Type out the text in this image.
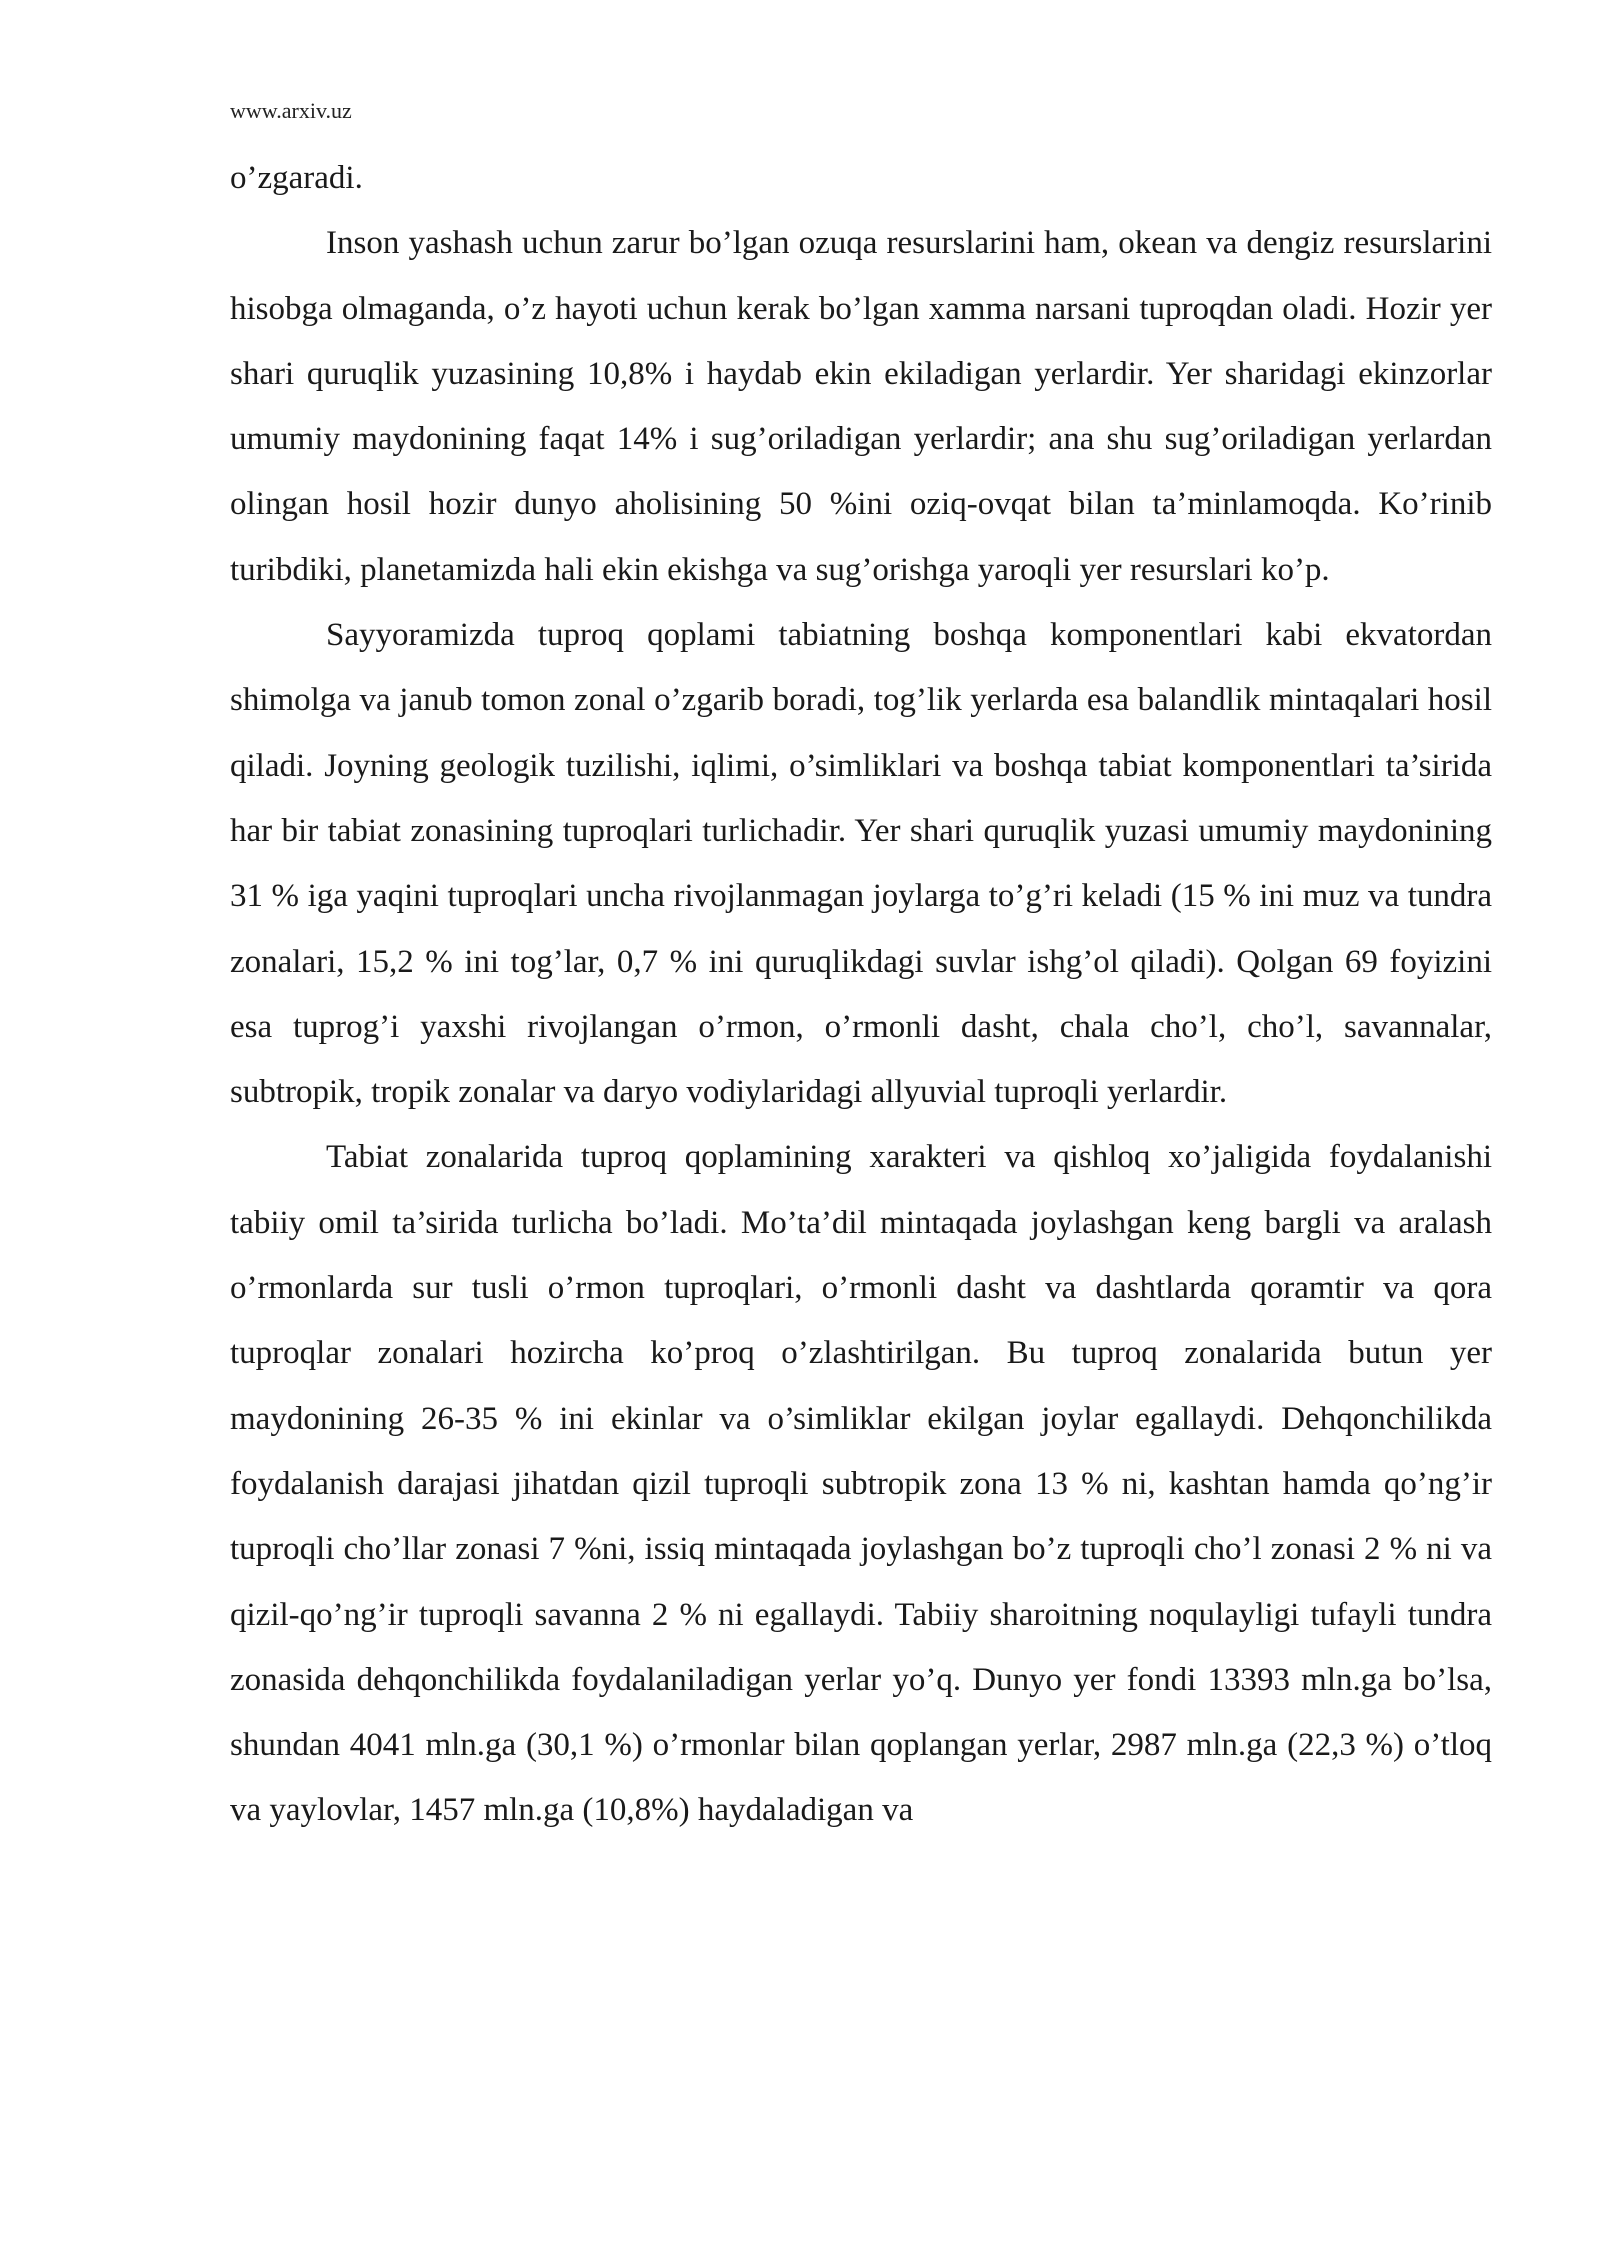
www.arxiv.uz

o’zgaradi.

Inson yashash uchun zarur bo’lgan ozuqa resurslarini ham, okean va dengiz resurslarini hisobga olmaganda, o’z hayoti uchun kerak bo’lgan xamma narsani tuproqdan oladi. Hozir yer shari quruqlik yuzasining 10,8% i haydab ekin ekiladigan yerlardir. Yer sharidagi ekinzorlar umumiy maydonining faqat 14% i sug’oriladigan yerlardir; ana shu sug’oriladigan yerlardan olingan hosil hozir dunyo aholisining 50 %ini oziq-ovqat bilan ta’minlamoqda. Ko’rinib turibdiki, planetamizda hali ekin ekishga va sug’orishga yaroqli yer resurslari ko’p.

Sayyoramizda tuproq qoplami tabiatning boshqa komponentlari kabi ekvatordan shimolga va janub tomon zonal o’zgarib boradi, tog’lik yerlarda esa balandlik mintaqalari hosil qiladi. Joyning geologik tuzilishi, iqlimi, o’simliklari va boshqa tabiat komponentlari ta’sirida har bir tabiat zonasining tuproqlari turlichadir. Yer shari quruqlik yuzasi umumiy maydonining 31 % iga yaqini tuproqlari uncha rivojlanmagan joylarga to’g’ri keladi (15 % ini muz va tundra zonalari, 15,2 % ini tog’lar, 0,7 % ini quruqlikdagi suvlar ishg’ol qiladi). Qolgan 69 foyizini esa tuprog’i yaxshi rivojlangan o’rmon, o’rmonli dasht, chala cho’l, cho’l, savannalar, subtropik, tropik zonalar va daryo vodiylaridagi allyuvial tuproqli yerlardir.

Tabiat zonalarida tuproq qoplamining xarakteri va qishloq xo’jaligida foydalanishi tabiiy omil ta’sirida turlicha bo’ladi. Mo’ta’dil mintaqada joylashgan keng bargli va aralash o’rmonlarda sur tusli o’rmon tuproqlari, o’rmonli dasht va dashtlarda qoramtir va qora tuproqlar zonalari hozircha ko’proq o’zlashtirilgan. Bu tuproq zonalarida butun yer maydonining 26-35 % ini ekinlar va o’simliklar ekilgan joylar egallaydi. Dehqonchilikda foydalanish darajasi jihatdan qizil tuproqli subtropik zona 13 % ni, kashtan hamda qo’ng’ir tuproqli cho’llar zonasi 7 %ni, issiq mintaqada joylashgan bo’z tuproqli cho’l zonasi 2 % ni va qizil-qo’ng’ir tuproqli savanna 2 % ni egallaydi. Tabiiy sharoitning noqulayligi tufayli tundra zonasida dehqonchilikda foydalaniladigan yerlar yo’q. Dunyo yer fondi 13393 mln.ga bo’lsa, shundan 4041 mln.ga (30,1 %) o’rmonlar bilan qoplangan yerlar, 2987 mln.ga (22,3 %) o’tloq va yaylovlar, 1457 mln.ga (10,8%) haydaladigan va
